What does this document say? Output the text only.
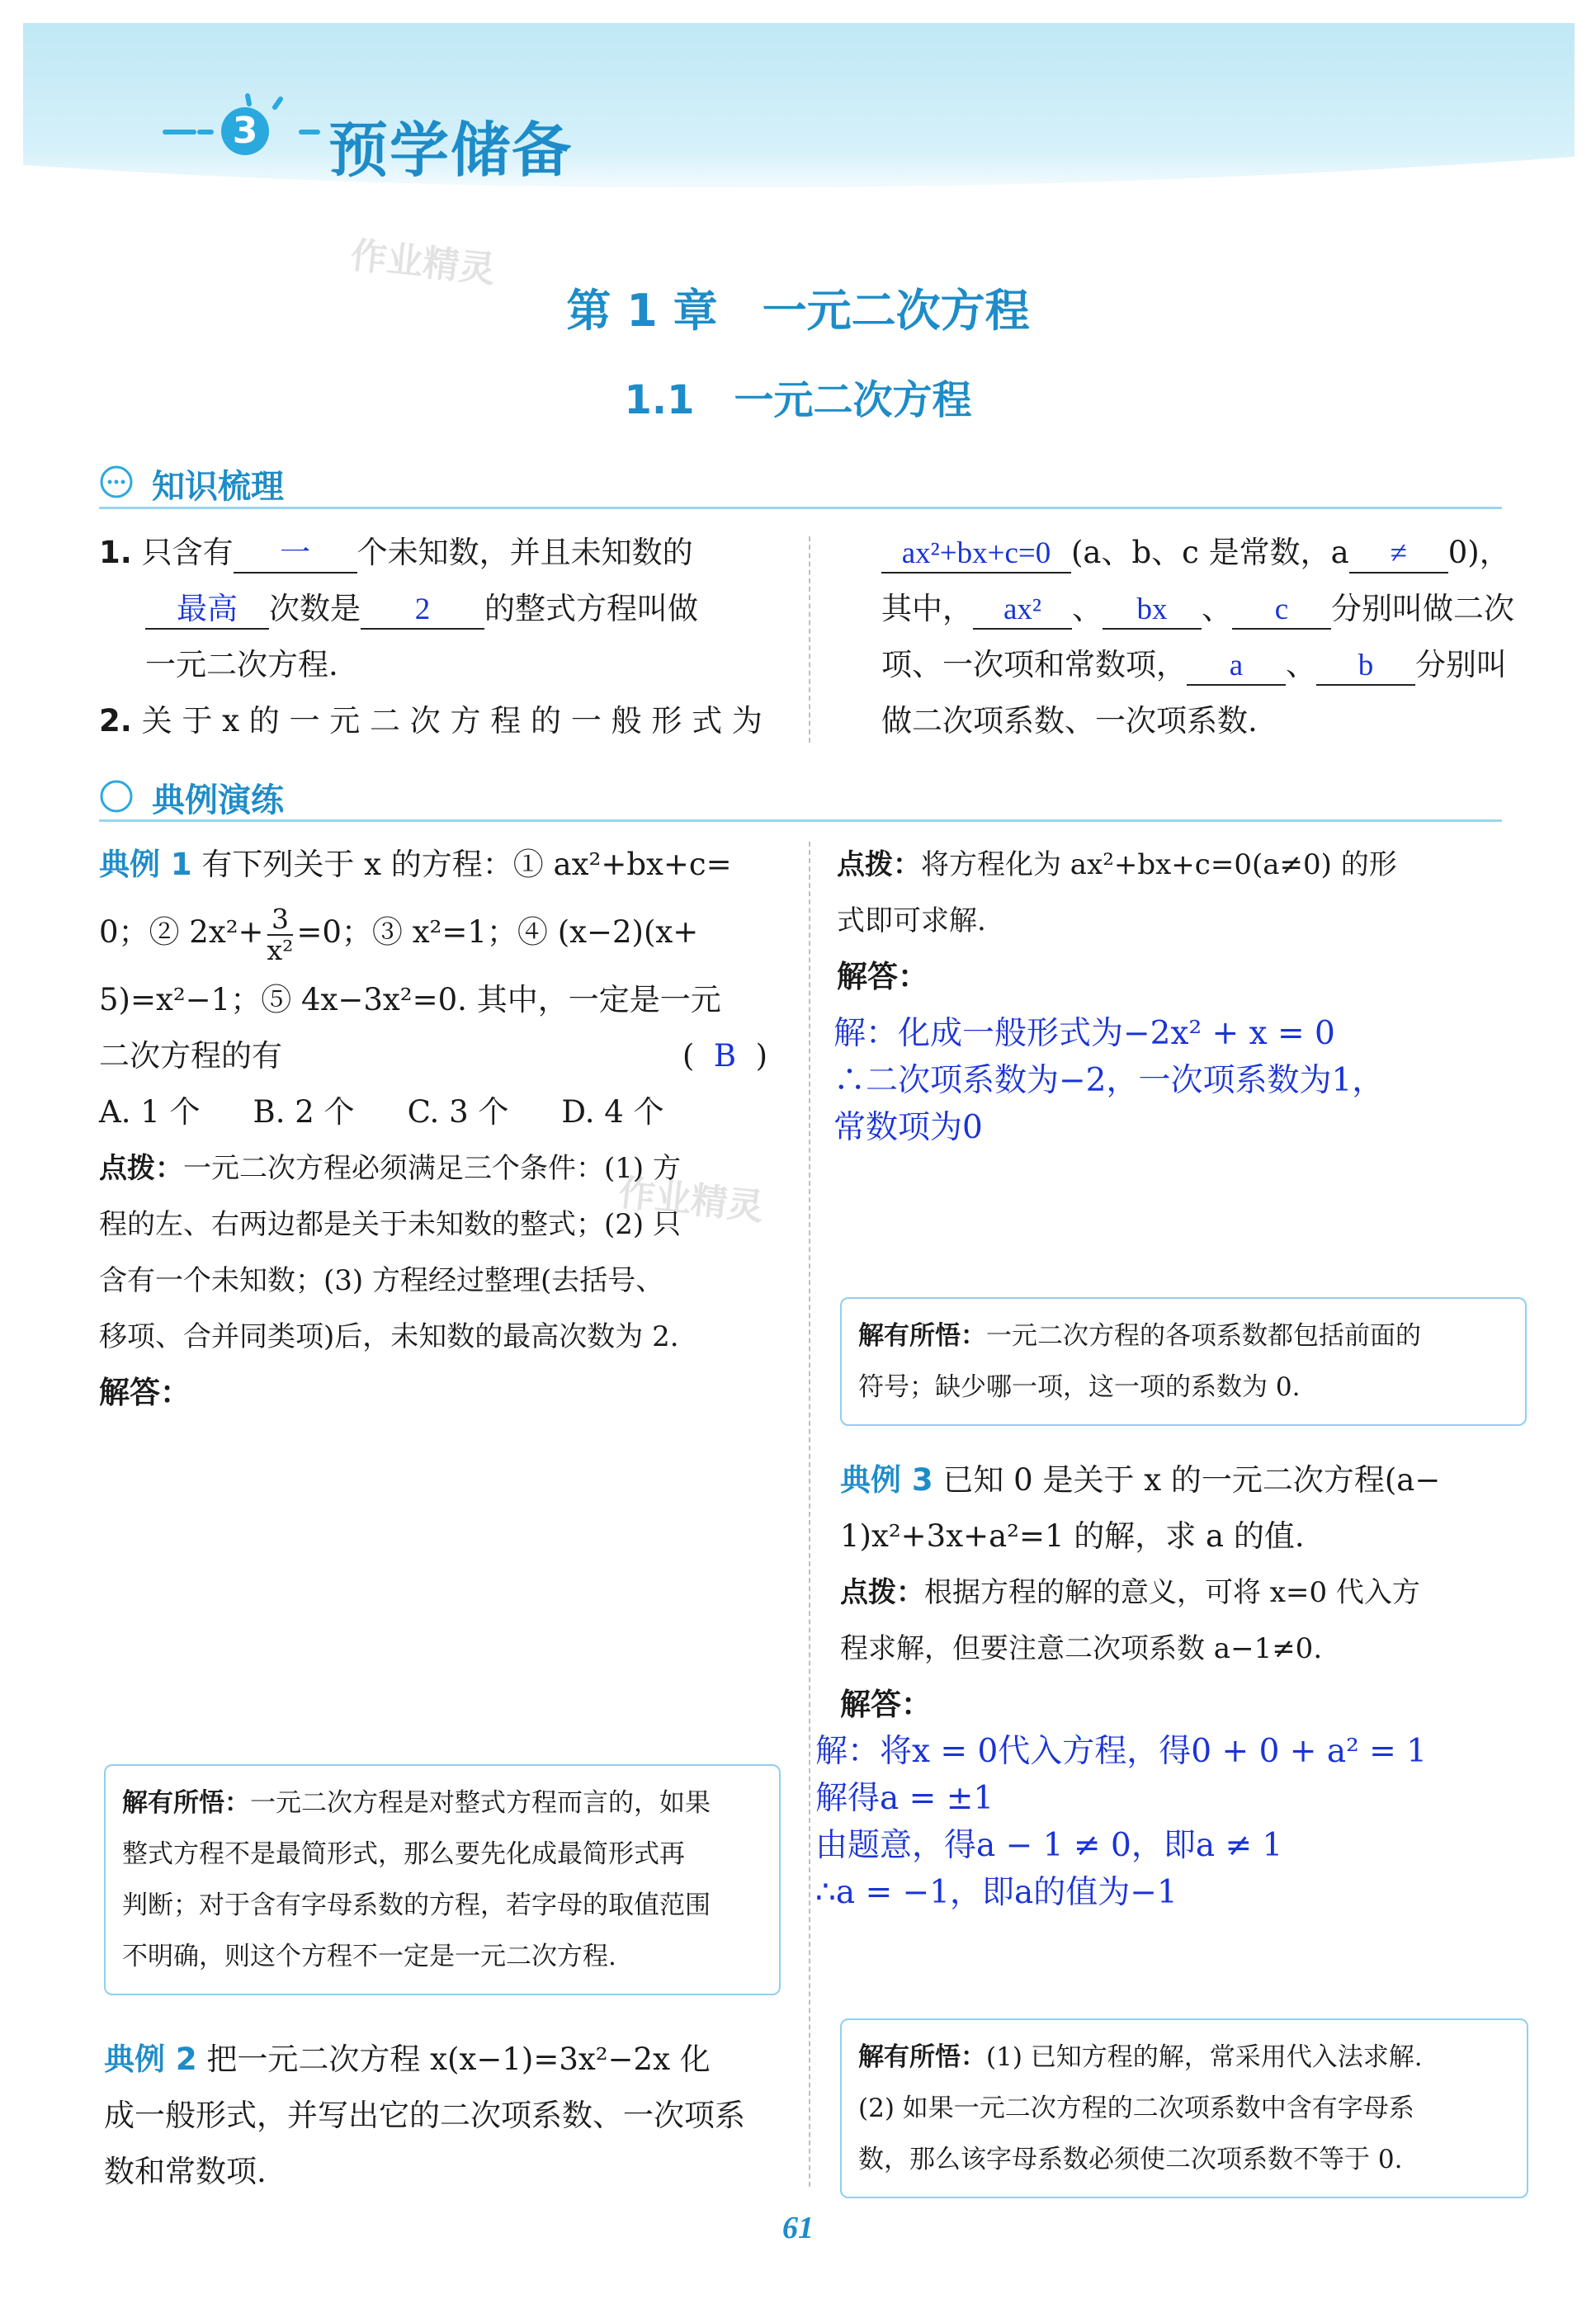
3 预学储备
作业精灵
作业精灵
第 1 章　一元二次方程
1.1　一元二次方程
知识梳理
1. 只含有 一 个未知数，并且未知数的
最高 次数是 2 的整式方程叫做
一元二次方程.
2. 关 于 x 的 一 元 二 次 方 程 的 一 般 形 式 为
ax²+bx+c=0 (a、b、c 是常数，a ≠ 0)，
其中， ax² 、 bx 、 c 分别叫做二次
项、一次项和常数项， a 、 b 分别叫
做二次项系数、一次项系数.
典例演练
典例 1 有下列关于 x 的方程：① ax²+bx+c=
0；② $2x^2+ \frac{3}{\text{x²}} =0$；③ x²=1；④ (x−2)(x+
5)=x²−1；⑤ 4x−3x²=0. 其中，一定是一元
二次方程的有	( B )
A. 1 个 B. 2 个 C. 3 个 D. 4 个
点拨：一元二次方程必须满足三个条件：(1) 方
程的左、右两边都是关于未知数的整式；(2) 只
含有一个未知数；(3) 方程经过整理(去括号、
移项、合并同类项)后，未知数的最高次数为 2.
解答：
解有所悟：一元二次方程是对整式方程而言的，如果
整式方程不是最简形式，那么要先化成最简形式再
判断；对于含有字母系数的方程，若字母的取值范围
不明确，则这个方程不一定是一元二次方程.
典例 2 把一元二次方程 x(x−1)=3x²−2x 化
成一般形式，并写出它的二次项系数、一次项系
数和常数项.
点拨：将方程化为 ax²+bx+c=0(a≠0) 的形
式即可求解.
解答：
解：化成一般形式为−2x² + x = 0
∴二次项系数为−2，一次项系数为1，
常数项为0
解有所悟：一元二次方程的各项系数都包括前面的
符号；缺少哪一项，这一项的系数为 0.
典例 3 已知 0 是关于 x 的一元二次方程(a−
1)x²+3x+a²=1 的解，求 a 的值.
点拨：根据方程的解的意义，可将 x=0 代入方
程求解，但要注意二次项系数 a−1≠0.
解答：
解：将x = 0代入方程，得0 + 0 + a² = 1
解得a = ±1
由题意，得a − 1 ≠ 0，即a ≠ 1
∴a = −1，即a的值为−1
解有所悟：(1) 已知方程的解，常采用代入法求解.
(2) 如果一元二次方程的二次项系数中含有字母系
数，那么该字母系数必须使二次项系数不等于 0.
61
